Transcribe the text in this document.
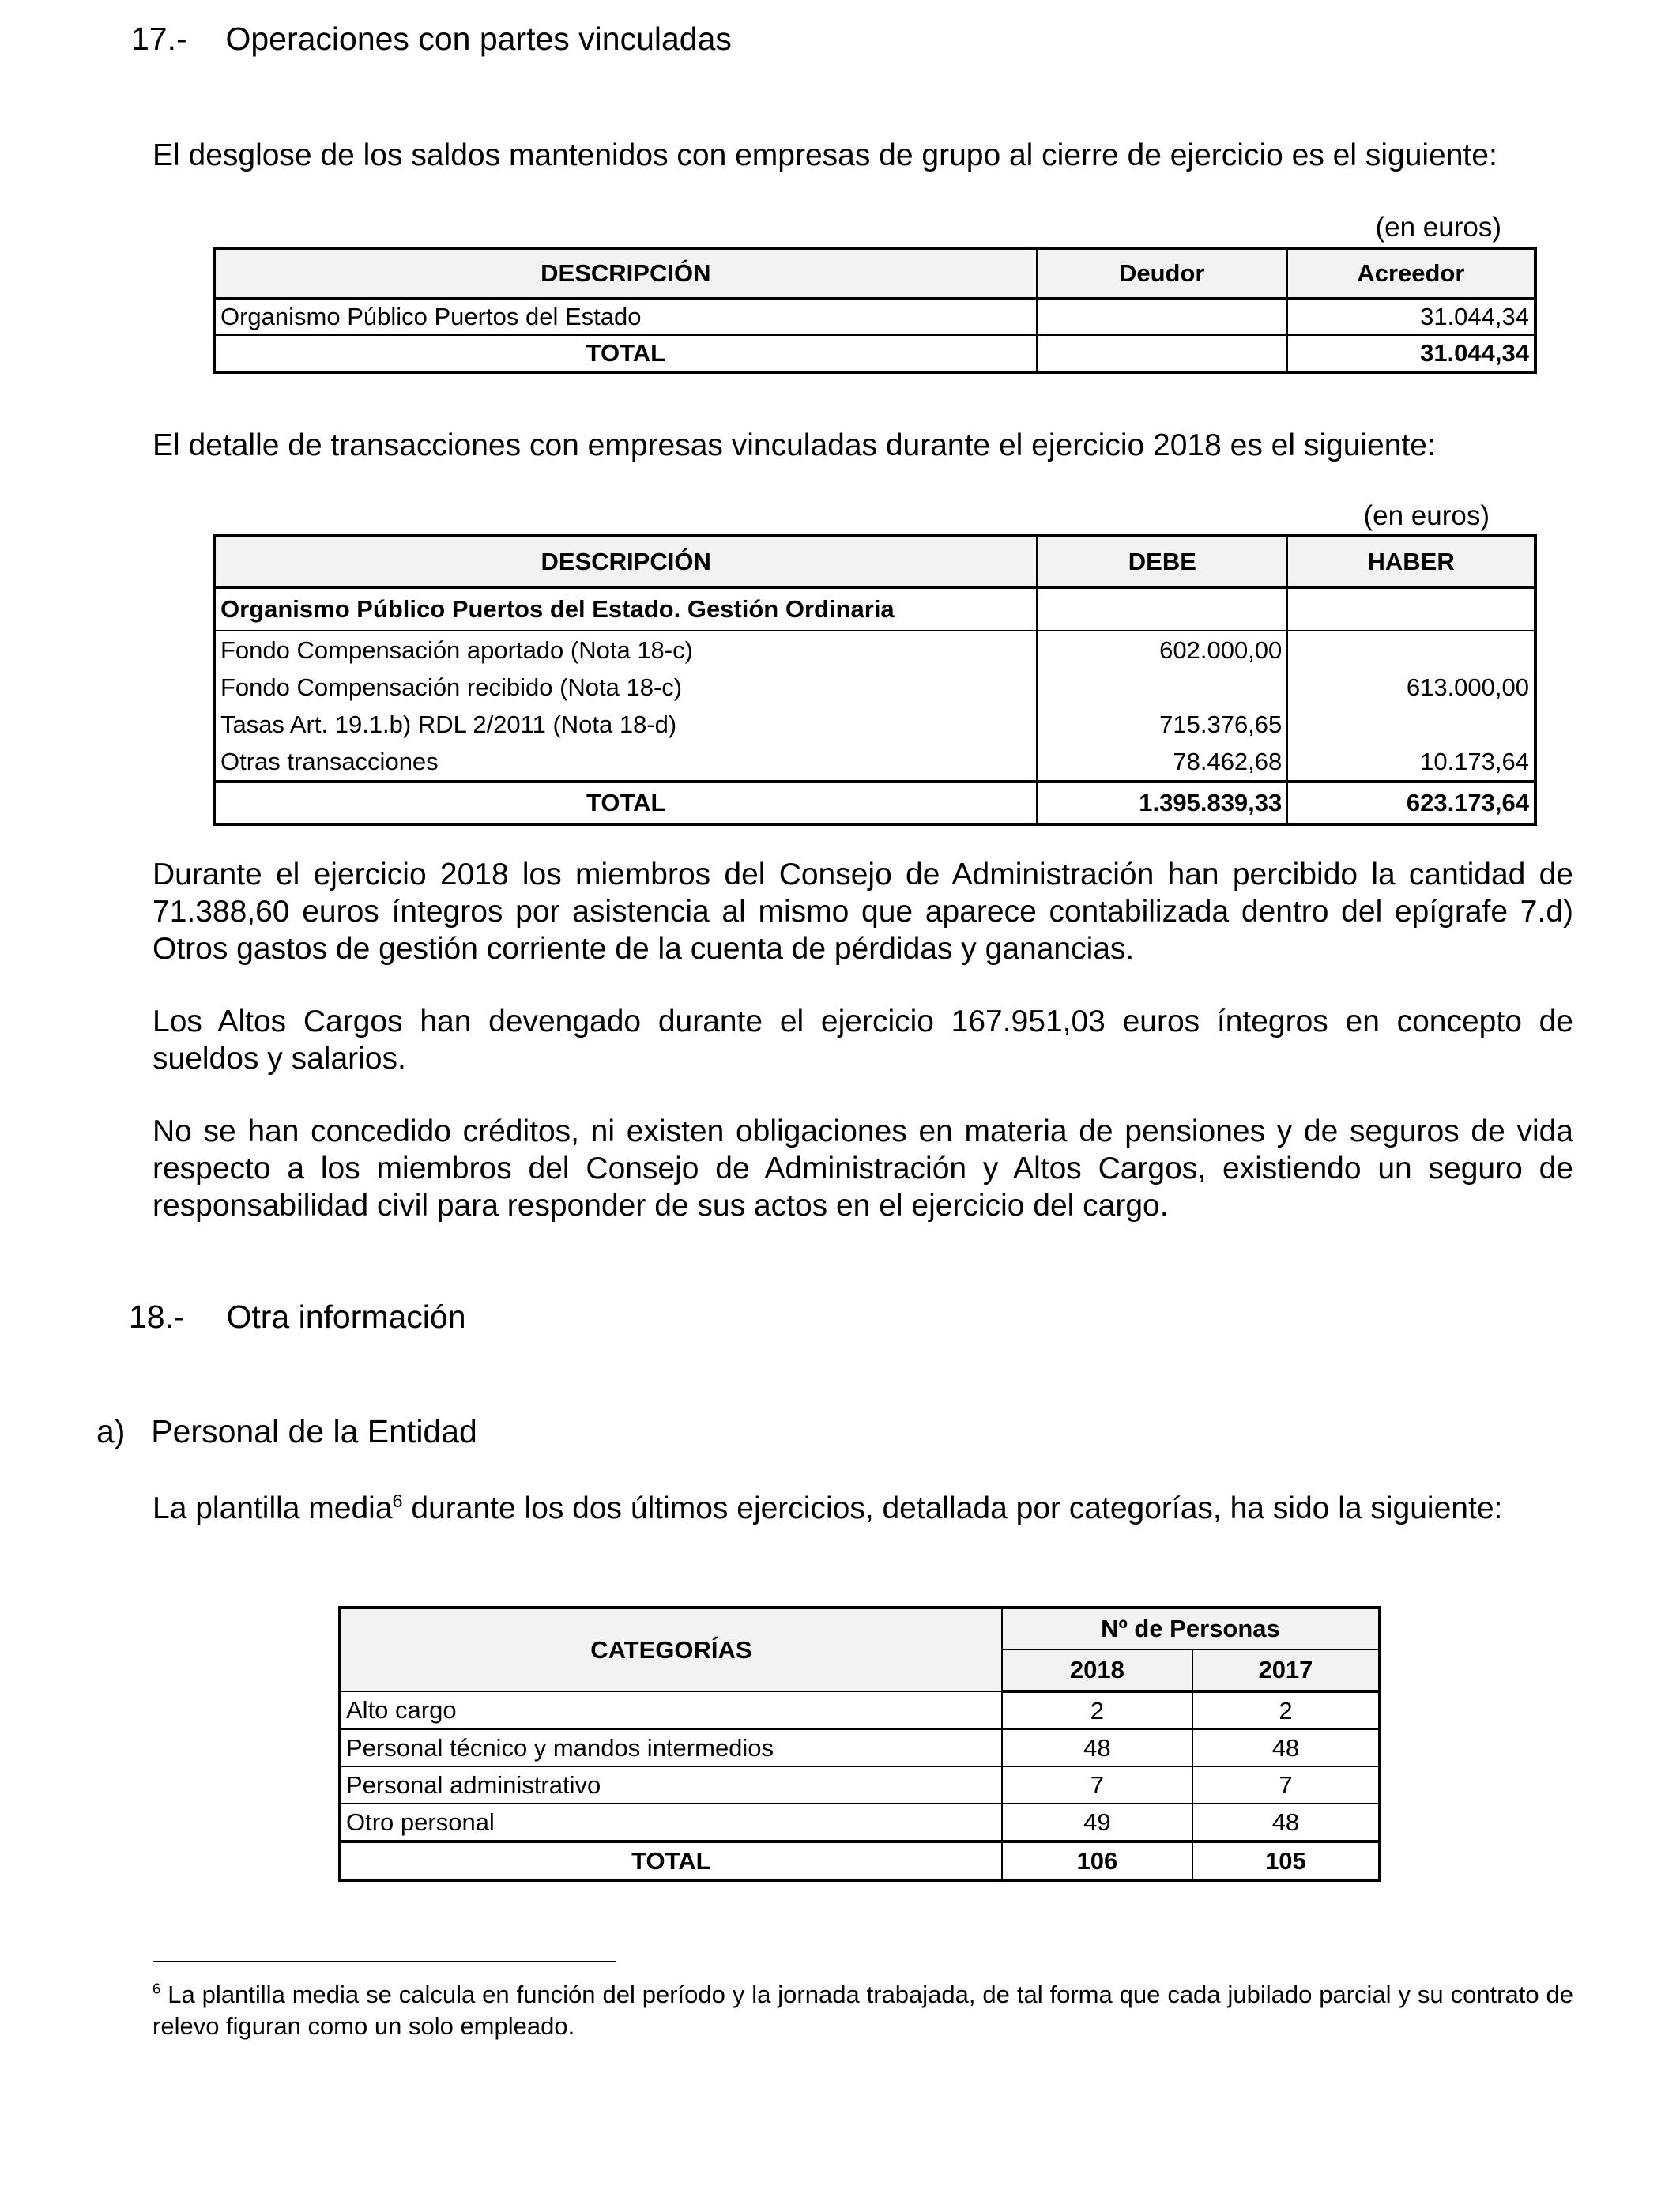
17.- Operaciones con partes vinculadas
El desglose de los saldos mantenidos con empresas de grupo al cierre de ejercicio es el siguiente:
(en euros)
DESCRIPCIÓN	Deudor	Acreedor
Organismo Público Puertos del Estado		31.044,34
TOTAL		31.044,34
El detalle de transacciones con empresas vinculadas durante el ejercicio 2018 es el siguiente:
(en euros)
DESCRIPCIÓN	DEBE	HABER
Organismo Público Puertos del Estado. Gestión Ordinaria		
Fondo Compensación aportado (Nota 18-c)	602.000,00	
Fondo Compensación recibido (Nota 18-c)		613.000,00
Tasas Art. 19.1.b) RDL 2/2011 (Nota 18-d)	715.376,65	
Otras transacciones	78.462,68	10.173,64
TOTAL	1.395.839,33	623.173,64
Durante el ejercicio 2018 los miembros del Consejo de Administración han percibido la cantidad de 71.388,60 euros íntegros por asistencia al mismo que aparece contabilizada dentro del epígrafe 7.d) Otros gastos de gestión corriente de la cuenta de pérdidas y ganancias.
Los Altos Cargos han devengado durante el ejercicio 167.951,03 euros íntegros en concepto de sueldos y salarios.
No se han concedido créditos, ni existen obligaciones en materia de pensiones y de seguros de vida respecto a los miembros del Consejo de Administración y Altos Cargos, existiendo un seguro de responsabilidad civil para responder de sus actos en el ejercicio del cargo.
18.- Otra información
a) Personal de la Entidad
La plantilla media$^6$ durante los dos últimos ejercicios, detallada por categorías, ha sido la siguiente:
CATEGORÍAS	Nº de Personas	
	2018	2017
Alto cargo	2	2
Personal técnico y mandos intermedios	48	48
Personal administrativo	7	7
Otro personal	49	48
TOTAL	106	105
$^6$ La plantilla media se calcula en función del período y la jornada trabajada, de tal forma que cada jubilado parcial y su contrato de relevo figuran como un solo empleado.
